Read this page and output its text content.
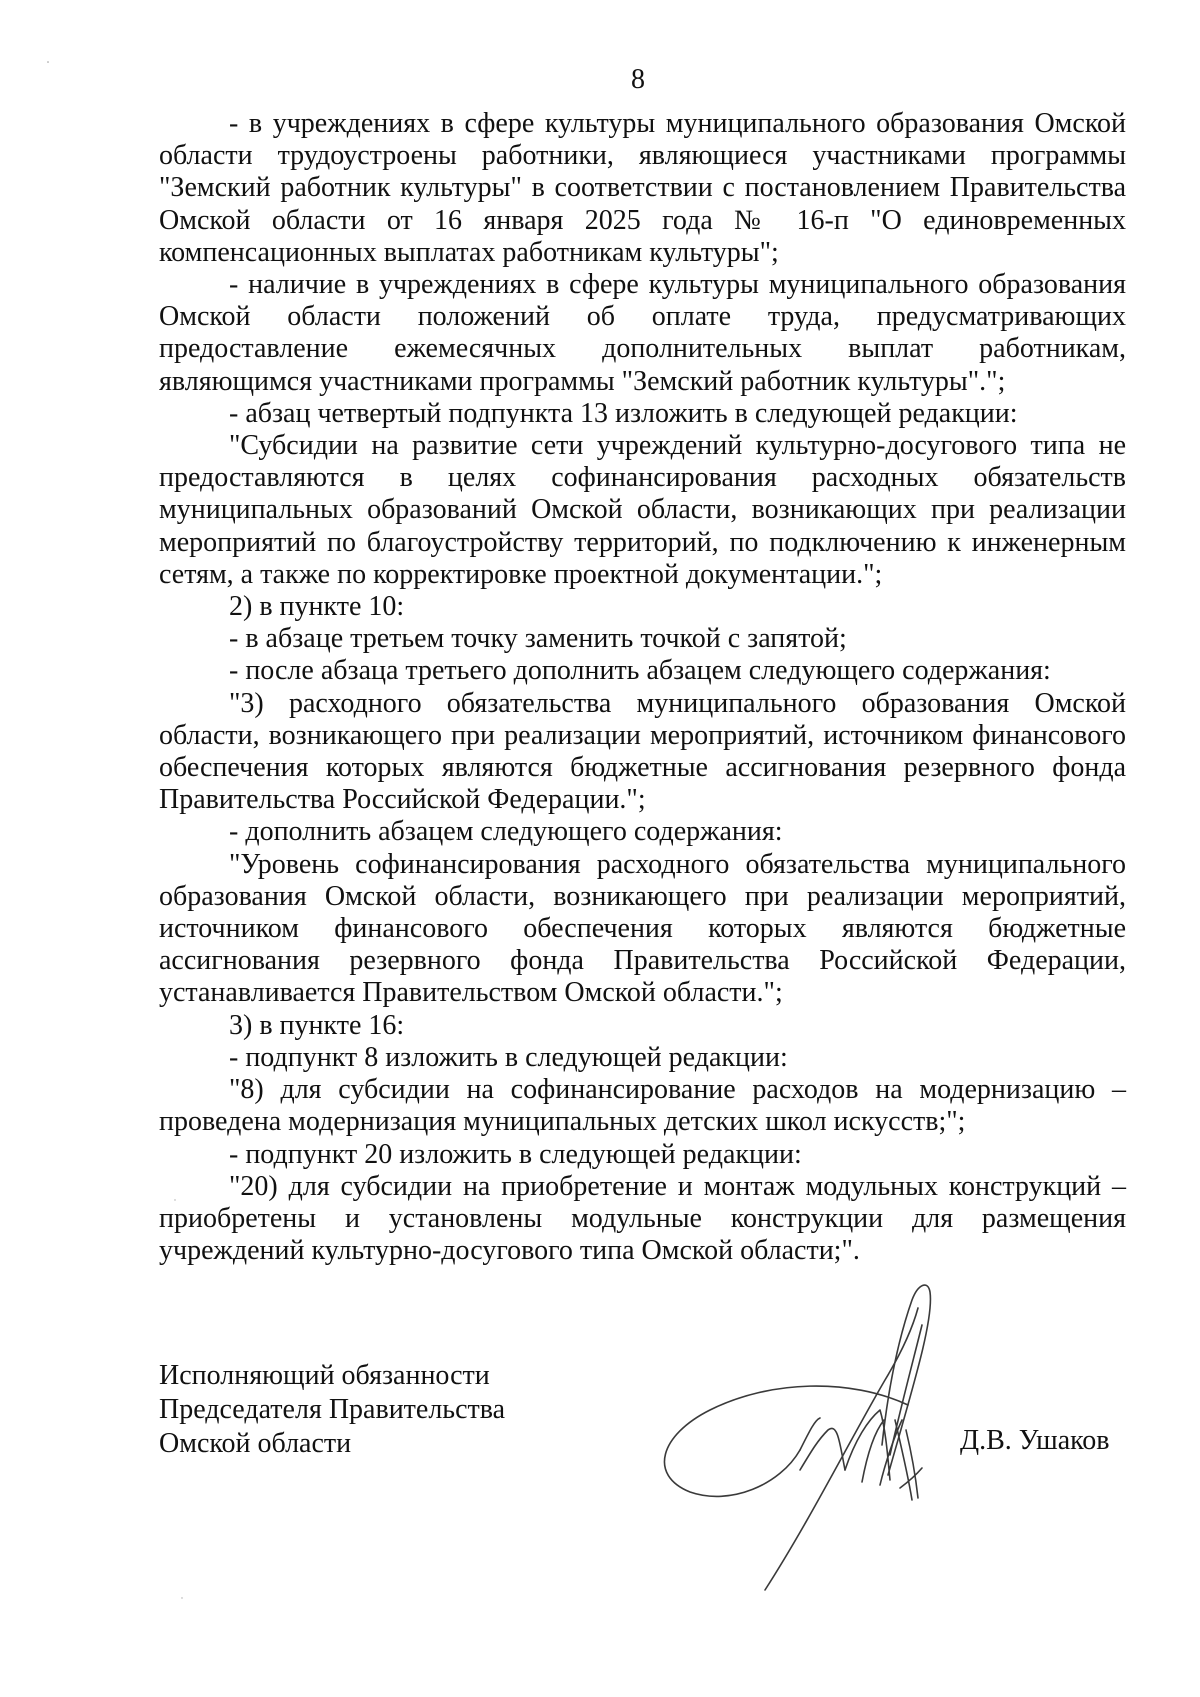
8

- в учреждениях в сфере культуры муниципального образования Омской области трудоустроены работники, являющиеся участниками программы "Земский работник культуры" в соответствии с постановлением Правительства Омской области от 16 января 2025 года № 16-п "О единовременных компенсационных выплатах работникам культуры";

- наличие в учреждениях в сфере культуры муниципального образования Омской области положений об оплате труда, предусматривающих предоставление ежемесячных дополнительных выплат работникам, являющимся участниками программы "Земский работник культуры".";

- абзац четвертый подпункта 13 изложить в следующей редакции:

"Субсидии на развитие сети учреждений культурно-досугового типа не предоставляются в целях софинансирования расходных обязательств муниципальных образований Омской области, возникающих при реализации мероприятий по благоустройству территорий, по подключению к инженерным сетям, а также по корректировке проектной документации.";

2) в пункте 10:

- в абзаце третьем точку заменить точкой с запятой;

- после абзаца третьего дополнить абзацем следующего содержания:

"3) расходного обязательства муниципального образования Омской области, возникающего при реализации мероприятий, источником финансового обеспечения которых являются бюджетные ассигнования резервного фонда Правительства Российской Федерации.";

- дополнить абзацем следующего содержания:

"Уровень софинансирования расходного обязательства муниципального образования Омской области, возникающего при реализации мероприятий, источником финансового обеспечения которых являются бюджетные ассигнования резервного фонда Правительства Российской Федерации, устанавливается Правительством Омской области.";

3) в пункте 16:

- подпункт 8 изложить в следующей редакции:

"8) для субсидии на софинансирование расходов на модернизацию – проведена модернизация муниципальных детских школ искусств;";

- подпункт 20 изложить в следующей редакции:

"20) для субсидии на приобретение и монтаж модульных конструкций – приобретены и установлены модульные конструкции для размещения учреждений культурно-досугового типа Омской области;".

Исполняющий обязанности
Председателя Правительства
Омской области	Д.В. Ушаков
